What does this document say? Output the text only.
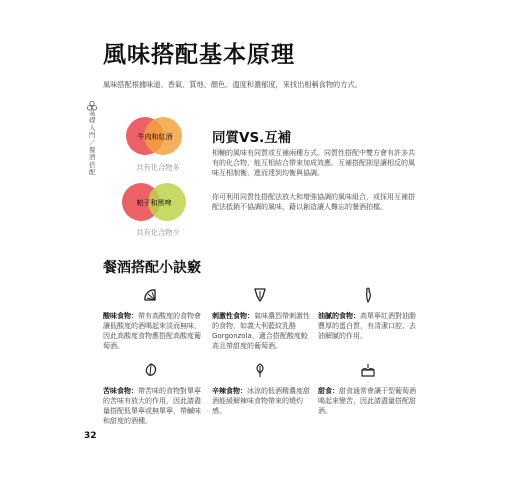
風味搭配基本原理
基礎入門／餐酒搭配
風味搭配根據味道、香氣、質地、顏色、溫度和濃郁度，來找出相稱食物的方式。
牛肉和紅酒
共有化合物多
帕子和黑啤
共有化合物少
同質VS.互補
相輔的風味有同質或互補兩種方式。同質性搭配中雙方會有許多共有的化合物，能互相結合帶來加成效應。互補搭配則是讓相反的風味互相制衡，進而達到均衡與協調。
你可利用同質性搭配法放大和增強協調的風味組合，或採用互補搭配法抵銷不協調的風味，藉以創造讓人難忘的餐酒拍檔。
餐酒搭配小訣竅
酸味食物：帶有高酸度的食物會讓低酸度的酒喝起來淡而無味，因此高酸度食物應搭配高酸度葡萄酒。
刺激性食物：氣味濃烈帶刺激性的食物，如義大利藍紋乳酪Gorgonzola，適合搭配酸度較高且帶甜度的葡萄酒。
油膩的食物：高單寧紅酒對油脂豐厚的蛋白質，有清潔口腔、去油解膩的作用。
苦味食物：帶苦味的食物對單寧的苦味有放大的作用，因此請盡量搭配低單寧或無單寧，帶鹹味和甜度的酒種。
辛辣食物：冰涼的低酒精濃度甜酒能緩解辣味食物帶來的燒灼感。
甜食：甜食通常會讓干型葡萄酒喝起來變苦，因此請盡量搭配甜酒。
32
